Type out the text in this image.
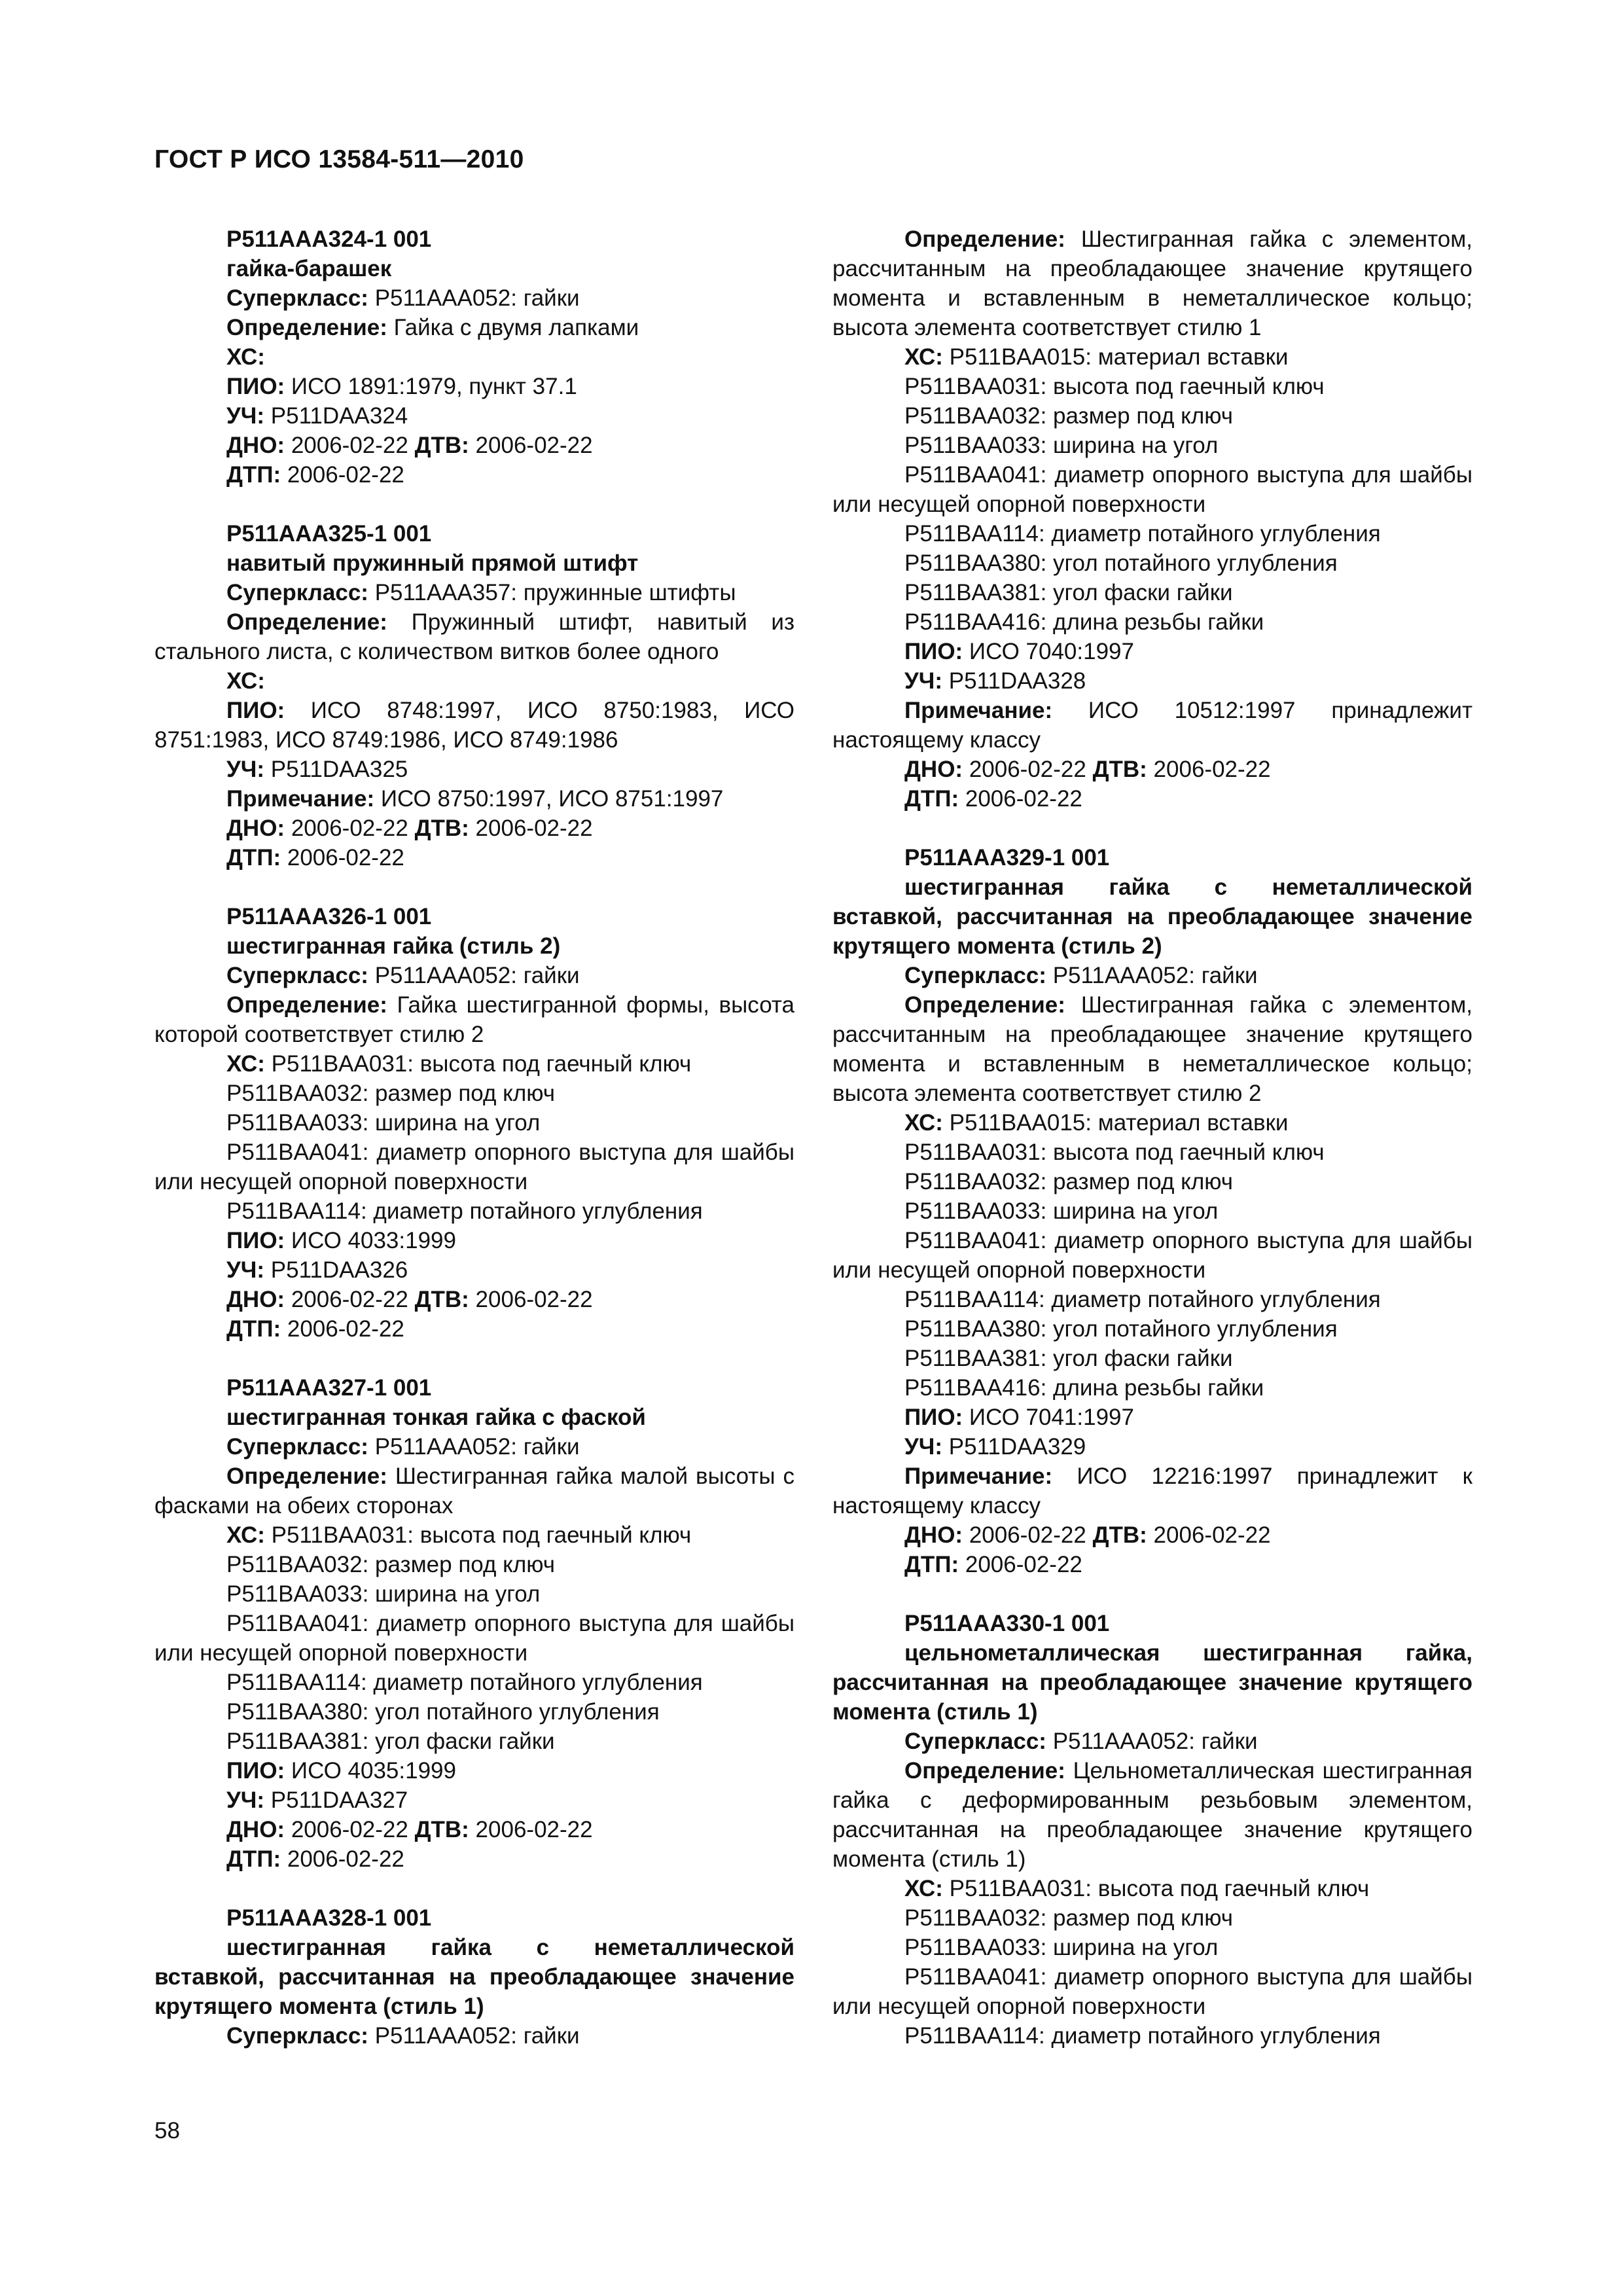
ГОСТ Р ИСО 13584-511—2010
P511AAA324-1 001
гайка-барашек
Суперкласс: P511AAA052: гайки
Определение: Гайка с двумя лапками
ХС:
ПИО: ИСО 1891:1979, пункт 37.1
УЧ: P511DAA324
ДНО: 2006-02-22 ДТВ: 2006-02-22
ДТП: 2006-02-22
P511AAA325-1 001
навитый пружинный прямой штифт
Суперкласс: P511AAA357: пружинные штифты
Определение: Пружинный штифт, навитый из стального листа, с количеством витков более одного
ХС:
ПИО: ИСО 8748:1997, ИСО 8750:1983, ИСО 8751:1983, ИСО 8749:1986, ИСО 8749:1986
УЧ: P511DAA325
Примечание: ИСО 8750:1997, ИСО 8751:1997
ДНО: 2006-02-22 ДТВ: 2006-02-22
ДТП: 2006-02-22
P511AAA326-1 001
шестигранная гайка (стиль 2)
Суперкласс: P511AAA052: гайки
Определение: Гайка шестигранной формы, высота которой соответствует стилю 2
ХС: P511BAA031: высота под гаечный ключ
P511BAA032: размер под ключ
P511BAA033: ширина на угол
P511BAA041: диаметр опорного выступа для шайбы или несущей опорной поверхности
P511BAA114: диаметр потайного углубления
ПИО: ИСО 4033:1999
УЧ: P511DAA326
ДНО: 2006-02-22 ДТВ: 2006-02-22
ДТП: 2006-02-22
P511AAA327-1 001
шестигранная тонкая гайка с фаской
Суперкласс: P511AAA052: гайки
Определение: Шестигранная гайка малой высоты с фасками на обеих сторонах
ХС: P511BAA031: высота под гаечный ключ
P511BAA032: размер под ключ
P511BAA033: ширина на угол
P511BAA041: диаметр опорного выступа для шайбы или несущей опорной поверхности
P511BAA114: диаметр потайного углубления
P511BAA380: угол потайного углубления
P511BAA381: угол фаски гайки
ПИО: ИСО 4035:1999
УЧ: P511DAA327
ДНО: 2006-02-22 ДТВ: 2006-02-22
ДТП: 2006-02-22
P511AAA328-1 001
шестигранная гайка с неметаллической вставкой, рассчитанная на преобладающее значение крутящего момента (стиль 1)
Суперкласс: P511AAA052: гайки
Определение: Шестигранная гайка с элементом, рассчитанным на преобладающее значение крутящего момента и вставленным в неметаллическое кольцо; высота элемента соответствует стилю 1
ХС: P511BAA015: материал вставки
P511BAA031: высота под гаечный ключ
P511BAA032: размер под ключ
P511BAA033: ширина на угол
P511BAA041: диаметр опорного выступа для шайбы или несущей опорной поверхности
P511BAA114: диаметр потайного углубления
P511BAA380: угол потайного углубления
P511BAA381: угол фаски гайки
P511BAA416: длина резьбы гайки
ПИО: ИСО 7040:1997
УЧ: P511DAA328
Примечание: ИСО 10512:1997 принадлежит настоящему классу
ДНО: 2006-02-22 ДТВ: 2006-02-22
ДТП: 2006-02-22
P511AAA329-1 001
шестигранная гайка с неметаллической вставкой, рассчитанная на преобладающее значение крутящего момента (стиль 2)
Суперкласс: P511AAA052: гайки
Определение: Шестигранная гайка с элементом, рассчитанным на преобладающее значение крутящего момента и вставленным в неметаллическое кольцо; высота элемента соответствует стилю 2
ХС: P511BAA015: материал вставки
P511BAA031: высота под гаечный ключ
P511BAA032: размер под ключ
P511BAA033: ширина на угол
P511BAA041: диаметр опорного выступа для шайбы или несущей опорной поверхности
P511BAA114: диаметр потайного углубления
P511BAA380: угол потайного углубления
P511BAA381: угол фаски гайки
P511BAA416: длина резьбы гайки
ПИО: ИСО 7041:1997
УЧ: P511DAA329
Примечание: ИСО 12216:1997 принадлежит к настоящему классу
ДНО: 2006-02-22 ДТВ: 2006-02-22
ДТП: 2006-02-22
P511AAA330-1 001
цельнометаллическая шестигранная гайка, рассчитанная на преобладающее значение крутящего момента (стиль 1)
Суперкласс: P511AAA052: гайки
Определение: Цельнометаллическая шестигранная гайка с деформированным резьбовым элементом, рассчитанная на преобладающее значение крутящего момента (стиль 1)
ХС: P511BAA031: высота под гаечный ключ
P511BAA032: размер под ключ
P511BAA033: ширина на угол
P511BAA041: диаметр опорного выступа для шайбы или несущей опорной поверхности
P511BAA114: диаметр потайного углубления
58
